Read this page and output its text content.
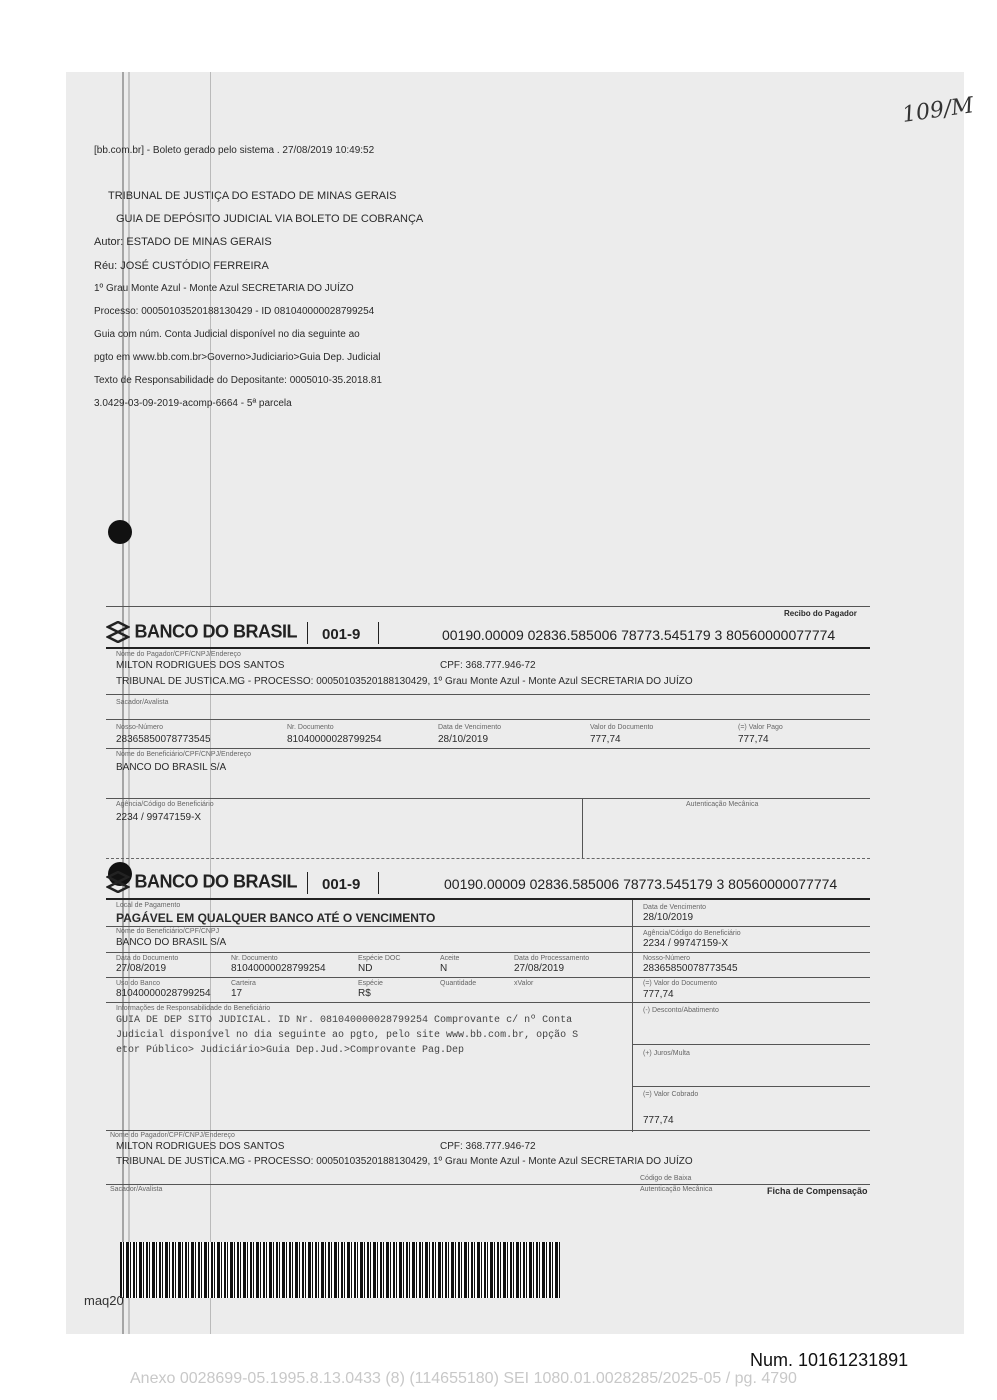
109/M
[bb.com.br] - Boleto gerado pelo sistema . 27/08/2019 10:49:52
TRIBUNAL DE JUSTIÇA DO ESTADO DE MINAS GERAIS
GUIA DE DEPÓSITO JUDICIAL VIA BOLETO DE COBRANÇA
Autor: ESTADO DE MINAS GERAIS
Réu: JOSÉ CUSTÓDIO FERREIRA
1º Grau Monte Azul - Monte Azul SECRETARIA DO JUÍZO
Processo: 00050103520188130429 - ID 081040000028799254
Guia com núm. Conta Judicial disponível no dia seguinte ao
pgto em www.bb.com.br>Governo>Judiciario>Guia Dep. Judicial
Texto de Responsabilidade do Depositante: 0005010-35.2018.81
3.0429-03-09-2019-acomp-6664 - 5ª parcela
Recibo do Pagador
BANCO DO BRASIL 001-9	00190.00009 02836.585006 78773.545179 3 80560000077774
Nome do Pagador/CPF/CNPJ/Endereço
MILTON RODRIGUES DOS SANTOS	CPF: 368.777.946-72
TRIBUNAL DE JUSTICA.MG - PROCESSO: 00050103520188130429, 1º Grau Monte Azul - Monte Azul SECRETARIA DO JUÍZO
Sacador/Avalista
Nosso-Número
28365850078773545
Nr. Documento
81040000028799254
Data de Vencimento
28/10/2019
Valor do Documento
777,74
(=) Valor Pago
777,74
Nome do Beneficiário/CPF/CNPJ/Endereço
BANCO DO BRASIL S/A
Agência/Código do Beneficiário
2234 / 99747159-X
Autenticação Mecânica
BANCO DO BRASIL 001-9	00190.00009 02836.585006 78773.545179 3 80560000077774
Local de Pagamento
PAGÁVEL EM QUALQUER BANCO ATÉ O VENCIMENTO
Data de Vencimento
28/10/2019
Nome do Beneficiário/CPF/CNPJ
BANCO DO BRASIL S/A
Agência/Código do Beneficiário
2234 / 99747159-X
Data do Documento
27/08/2019
Nr. Documento
81040000028799254
Espécie DOC
ND
Aceite
N
Data do Processamento
27/08/2019
Nosso-Número
28365850078773545
Uso do Banco
81040000028799254
Carteira
17
Espécie
R$
Quantidade	xValor	(=) Valor do Documento
777,74
Informações de Responsabilidade do Beneficiário
GUIA DE DEP SITO JUDICIAL. ID Nr. 081040000028799254 Comprovante c/ nº Conta
Judicial disponível no dia seguinte ao pgto, pelo site www.bb.com.br, opção S
etor Público> Judiciário>Guia Dep.Jud.>Comprovante Pag.Dep
(-) Desconto/Abatimento
(+) Juros/Multa
(=) Valor Cobrado
777,74
Nome do Pagador/CPF/CNPJ/Endereço
MILTON RODRIGUES DOS SANTOS	CPF: 368.777.946-72
TRIBUNAL DE JUSTICA.MG - PROCESSO: 00050103520188130429, 1º Grau Monte Azul - Monte Azul SECRETARIA DO JUÍZO
Código de Baixa
Sacador/Avalista	Autenticação Mecânica	Ficha de Compensação
maq20
Num. 10161231891
Anexo 0028699-05.1995.8.13.0433 (8) (114655180) SEI 1080.01.0028285/2025-05 / pg. 4790
